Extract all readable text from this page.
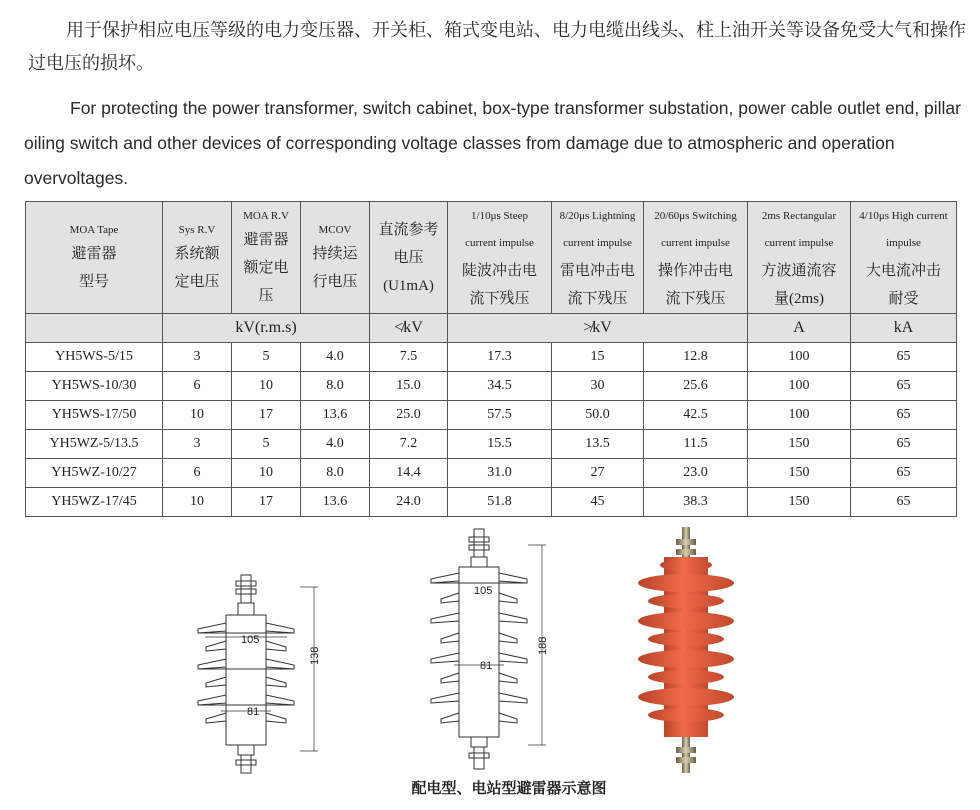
用于保护相应电压等级的电力变压器、开关柜、箱式变电站、电力电缆出线头、柱上油开关等设备免受大气和操作过电压的损坏。

For protecting the power transformer, switch cabinet, box-type transformer substation, power cable outlet end, pillar oiling switch and other devices of corresponding voltage classes from damage due to atmospheric and operation overvoltages.

MOA Tape
避雷器
型号	Sys R.V
系统额
定电压	MOA R.V
避雷器
额定电
压	MCOV
持续运
行电压	直流参考
电压
(U1mA)	1/10μs Steep
current impulse
陡波冲击电
流下残压	8/20μs Lightning
current impulse
雷电冲击电
流下残压	20/60μs Switching
current impulse
操作冲击电
流下残压	2ms Rectangular
current impulse
方波通流容
量(2ms)	4/10μs High current
impulse
大电流冲击
耐受

	kV(r.m.s)			≮kV	≯kV			A	kA
YH5WS-5/15	3	5	4.0	7.5	17.3	15	12.8	100	65
YH5WS-10/30	6	10	8.0	15.0	34.5	30	25.6	100	65
YH5WS-17/50	10	17	13.6	25.0	57.5	50.0	42.5	100	65
YH5WZ-5/13.5	3	5	4.0	7.2	15.5	13.5	11.5	150	65
YH5WZ-10/27	6	10	8.0	14.4	31.0	27	23.0	150	65
YH5WZ-17/45	10	17	13.6	24.0	51.8	45	38.3	150	65
105
81
138
105
81
188
配电型、电站型避雷器示意图
